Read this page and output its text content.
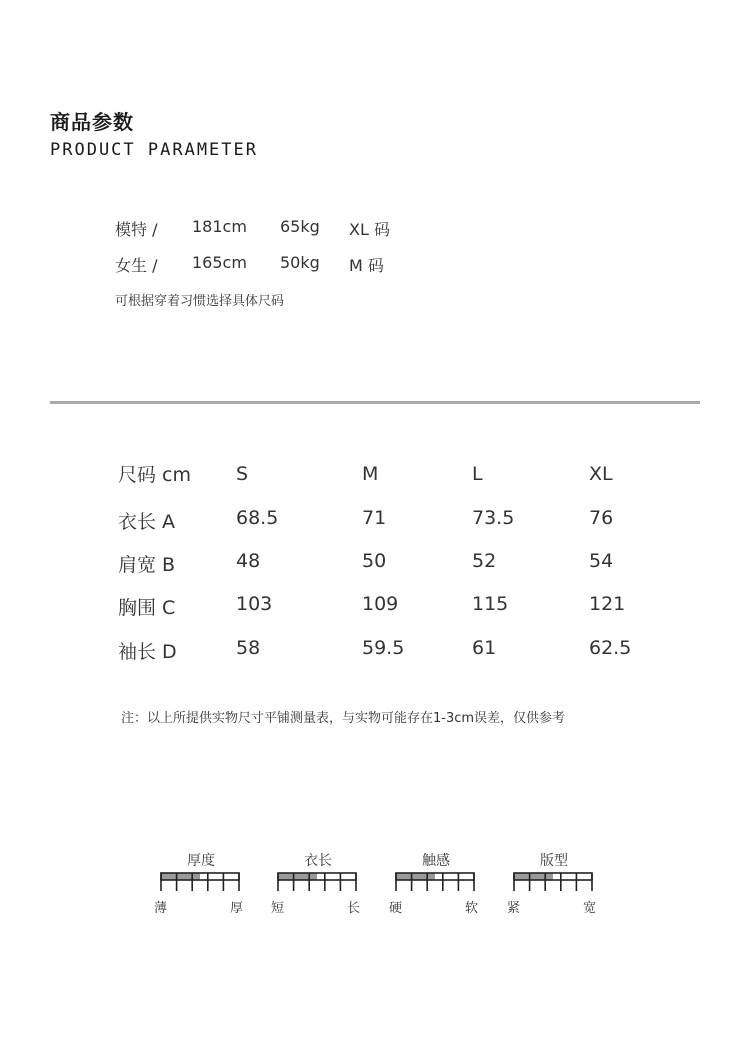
商品参数
PRODUCT PARAMETER
模特 / 181cm 65kg XL 码
女生 / 165cm 50kg M 码
可根据穿着习惯选择具体尺码
尺码 cm S	M	L	XL
衣长 A	68.5	71	73.5	76
肩宽 B	48	50	52	54
胸围 C	103	109	115	121
袖长 D	58	59.5	61	62.5
注：以上所提供实物尺寸平铺测量表，与实物可能存在1-3cm误差，仅供参考
厚度
薄	厚
衣长
短	长
触感
硬	软
版型
紧	宽
